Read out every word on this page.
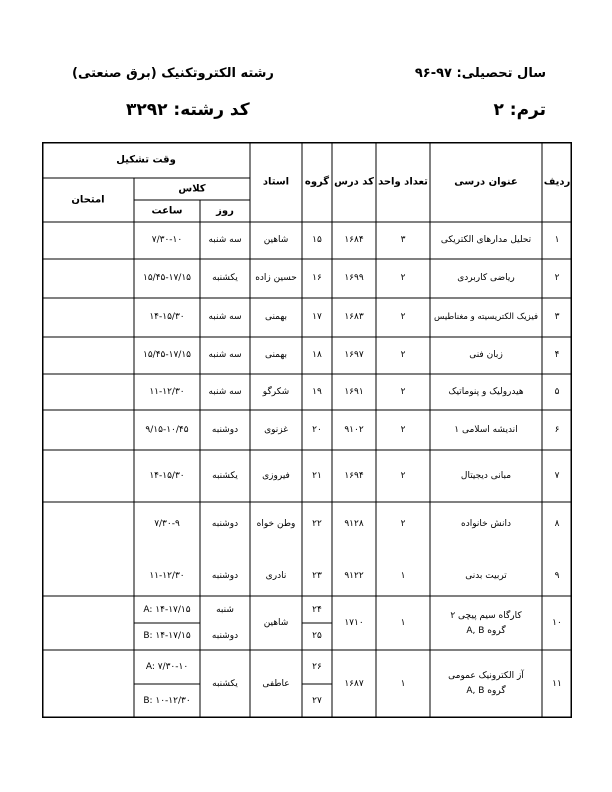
سال تحصیلی: ۹۷-۹۶
رشته الکتروتکنیک (برق صنعتی)
ترم: ۲
کد رشته: ۳۲۹۲
ردیف
عنوان درسی
تعداد واحد
کد درس
گروه
استاد
وقت تشکیل
کلاس
روز
ساعت
امتحان
۱
تحلیل مدارهای الکتریکی
۳
۱۶۸۴
۱۵
شاهین
سه شنبه
۷/۳۰-۱۰
۲
ریاضی کاربردی
۲
۱۶۹۹
۱۶
حسین زاده
یکشنبه
۱۵/۴۵-۱۷/۱۵
۳
فیزیک الکتریسیته و مغناطیس
۲
۱۶۸۳
۱۷
بهمنی
سه شنبه
۱۴-۱۵/۳۰
۴
زبان فنی
۲
۱۶۹۷
۱۸
بهمنی
سه شنبه
۱۵/۴۵-۱۷/۱۵
۵
هیدرولیک و پنوماتیک
۲
۱۶۹۱
۱۹
شکرگو
سه شنبه
۱۱-۱۲/۳۰
۶
اندیشه اسلامی ۱
۲
۹۱۰۲
۲۰
غزنوی
دوشنبه
۹/۱۵-۱۰/۴۵
۷
مبانی دیجیتال
۲
۱۶۹۴
۲۱
فیروزی
یکشنبه
۱۴-۱۵/۳۰
۸
دانش خانواده
۲
۹۱۲۸
۲۲
وطن خواه
دوشنبه
۷/۳۰-۹
۹
تربیت بدنی
۱
۹۱۲۲
۲۳
نادری
دوشنبه
۱۱-۱۲/۳۰
۱۰
کارگاه سیم پیچی ۲
گروه A, B
۱
۱۷۱۰
۲۴
۲۵
شاهین
شنبه
دوشنبه
A: ۱۴-۱۷/۱۵
B: ۱۴-۱۷/۱۵
۱۱
آز الکترونیک عمومی
گروه A, B
۱
۱۶۸۷
۲۶
۲۷
عاطفی
یکشنبه
A: ۷/۳۰-۱۰
B: ۱۰-۱۲/۳۰
